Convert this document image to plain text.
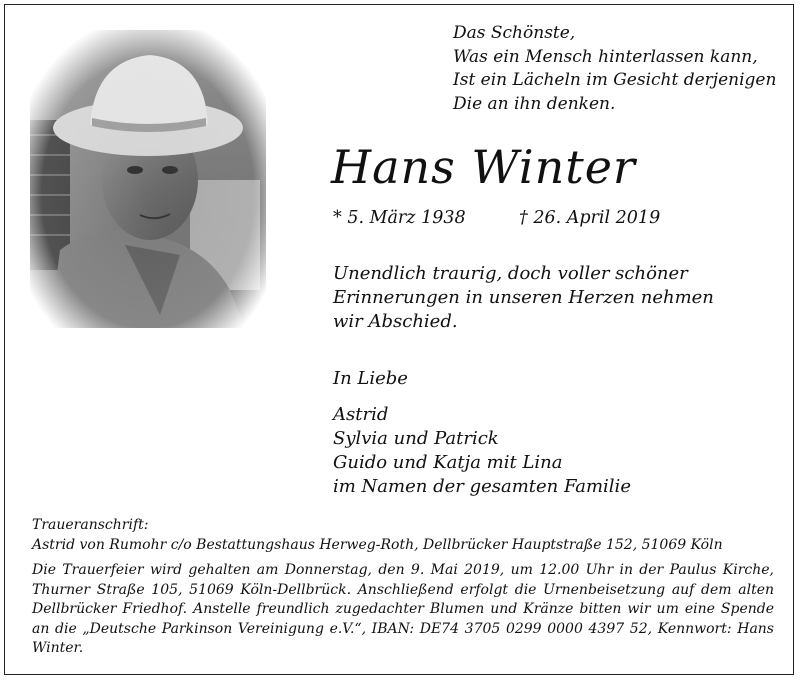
Das Schönste,
Was ein Mensch hinterlassen kann,
Ist ein Lächeln im Gesicht derjenigen
Die an ihn denken.
Hans Winter
* 5. März 1938	† 26. April 2019
Unendlich traurig, doch voller schöner
Erinnerungen in unseren Herzen nehmen
wir Abschied.
In Liebe
Astrid
Sylvia und Patrick
Guido und Katja mit Lina
im Namen der gesamten Familie
Traueranschrift:
Astrid von Rumohr c/o Bestattungshaus Herweg-Roth, Dellbrücker Hauptstraße 152, 51069 Köln
Die Trauerfeier wird gehalten am Donnerstag, den 9. Mai 2019, um 12.00 Uhr in der Paulus Kirche, Thurner Straße 105, 51069 Köln-Dellbrück. Anschließend erfolgt die Urnenbeisetzung auf dem alten Dellbrücker Friedhof. Anstelle freundlich zugedachter Blumen und Kränze bitten wir um eine Spende an die „Deutsche Parkinson Vereinigung e.V.“, IBAN: DE74 3705 0299 0000 4397 52, Kennwort: Hans Winter.
